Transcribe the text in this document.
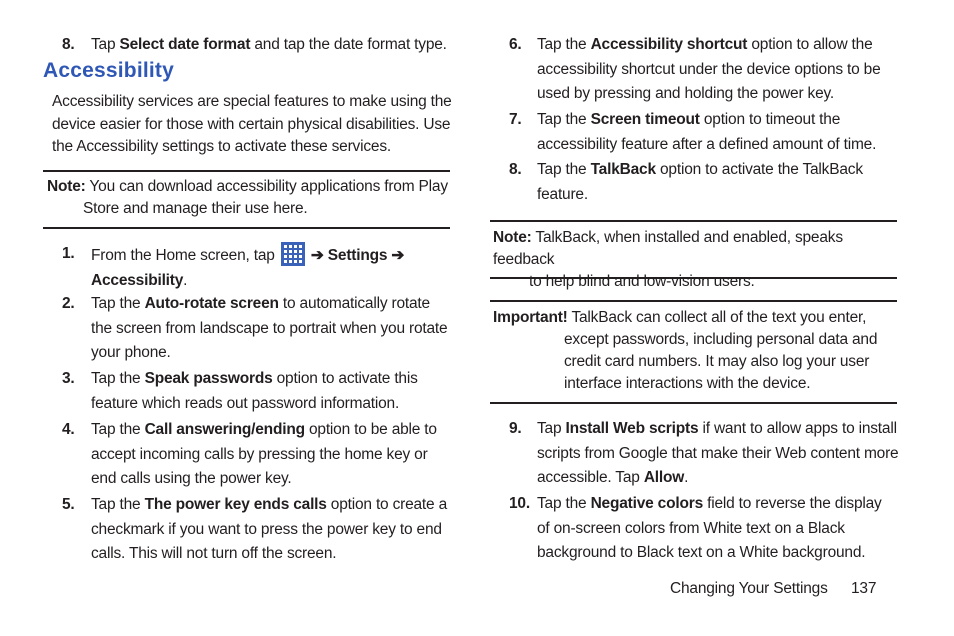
8.	Tap Select date format and tap the date format type.
Accessibility
Accessibility services are special features to make using the device easier for those with certain physical disabilities. Use the Accessibility settings to activate these services.
Note: You can download accessibility applications from Play
Store and manage their use here.
1.	From the Home screen, tap  ➔ Settings ➔
Accessibility.
2.	Tap the Auto-rotate screen to automatically rotate the screen from landscape to portrait when you rotate your phone.
3.	Tap the Speak passwords option to activate this feature which reads out password information.
4.	Tap the Call answering/ending option to be able to accept incoming calls by pressing the home key or end calls using the power key.
5.	Tap the The power key ends calls option to create a checkmark if you want to press the power key to end calls. This will not turn off the screen.
6. Tap the Accessibility shortcut option to allow the accessibility shortcut under the device options to be used by pressing and holding the power key.
7. Tap the Screen timeout option to timeout the accessibility feature after a defined amount of time.
8. Tap the TalkBack option to activate the TalkBack feature.
Note: TalkBack, when installed and enabled, speaks feedback
to help blind and low-vision users.
Important! TalkBack can collect all of the text you enter,
except passwords, including personal data and
credit card numbers. It may also log your user
interface interactions with the device.
9. Tap Install Web scripts if want to allow apps to install scripts from Google that make their Web content more accessible. Tap Allow.
10. Tap the Negative colors field to reverse the display of on-screen colors from White text on a Black background to Black text on a White background.
Changing Your Settings 137
